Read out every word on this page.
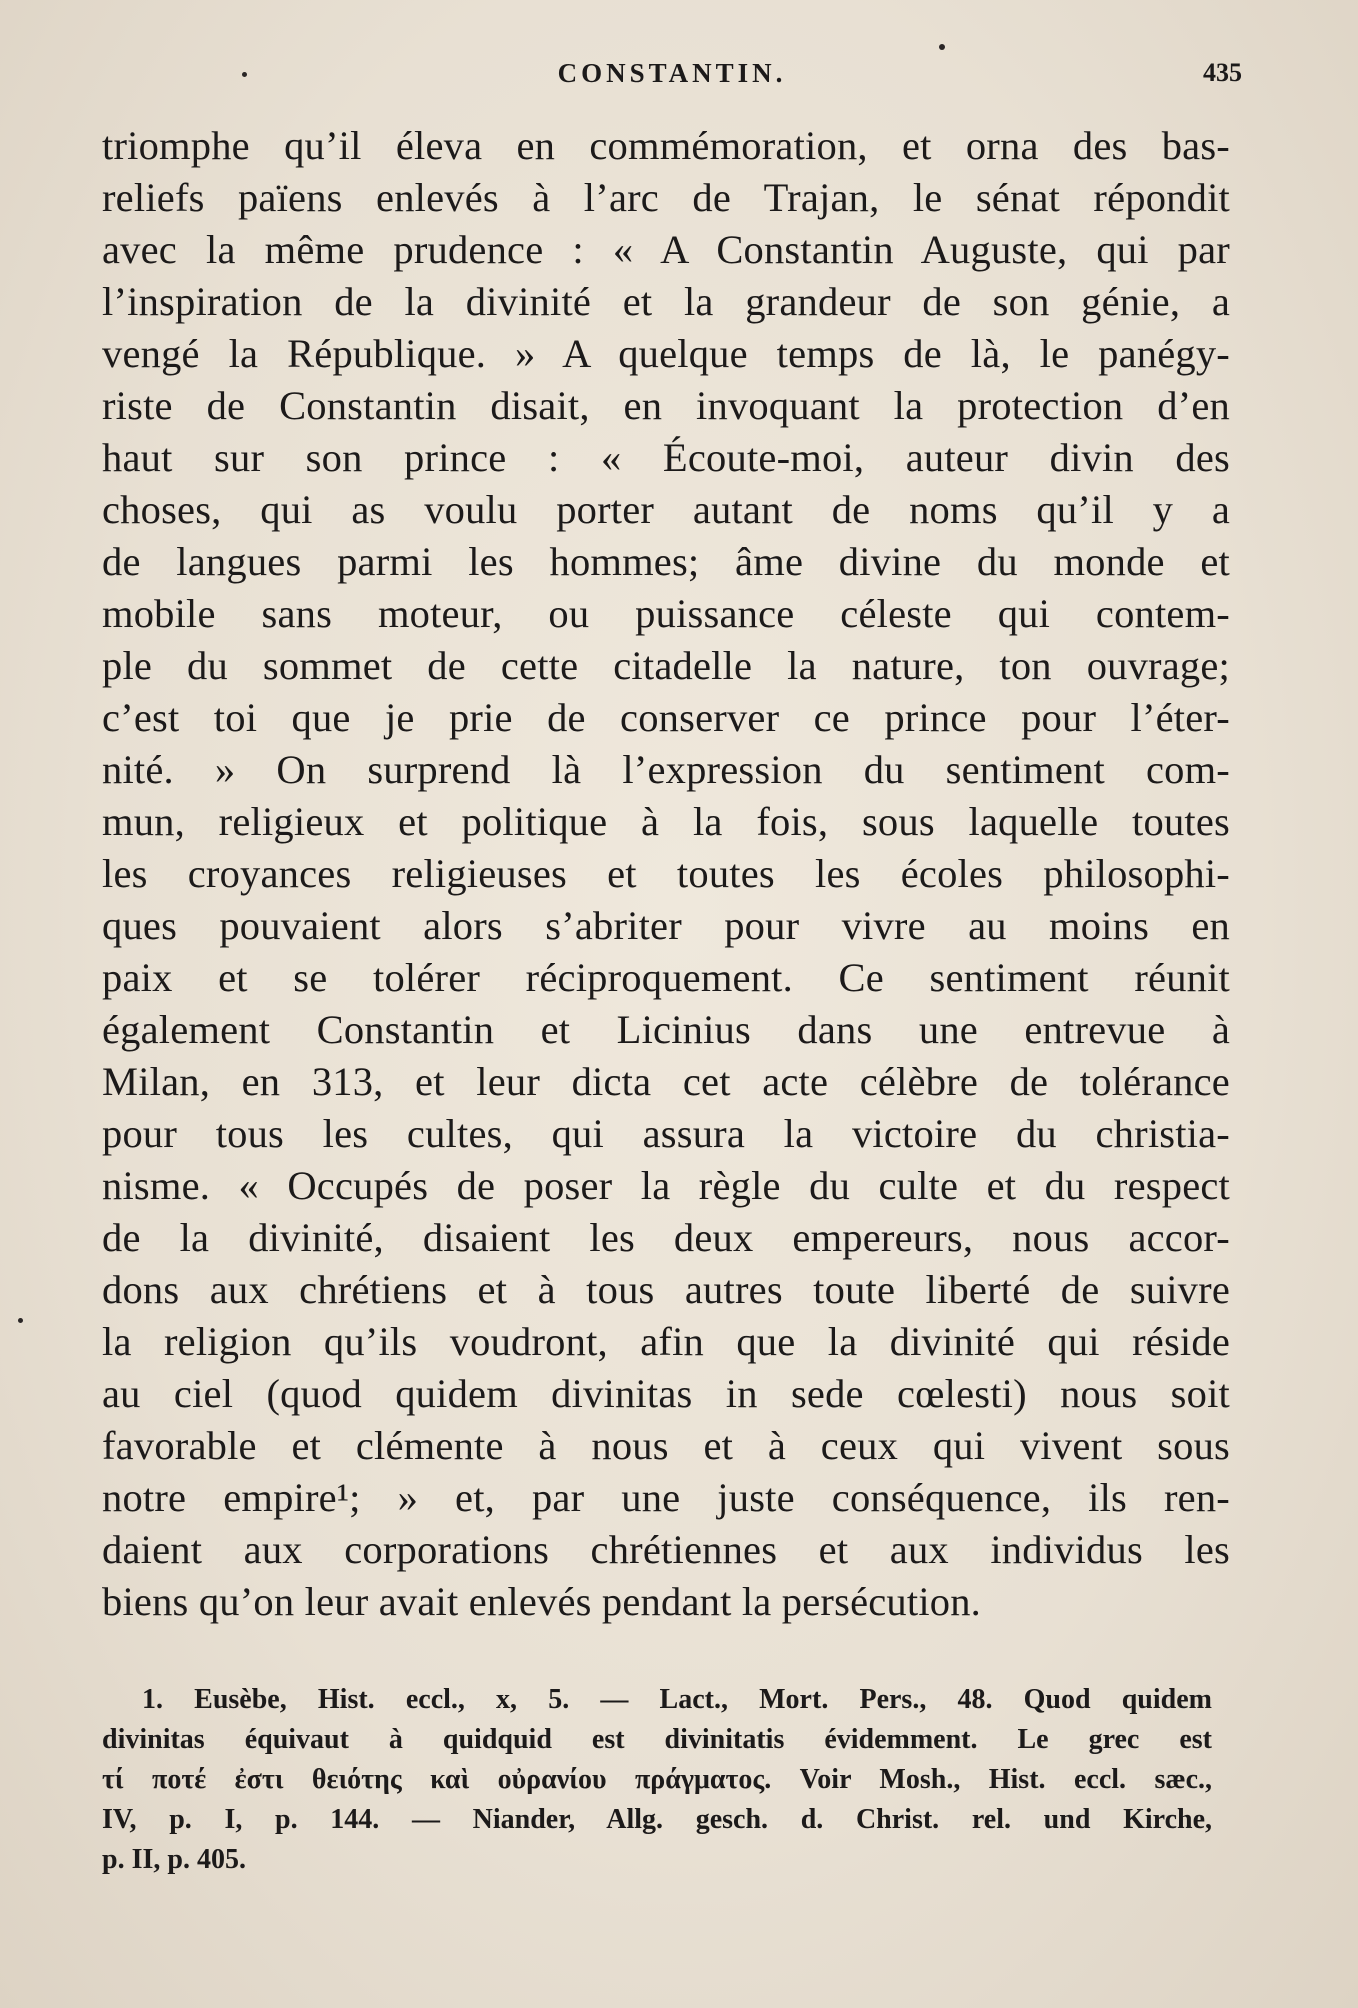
CONSTANTIN.	435
triomphe qu’il éleva en commémoration, et orna des bas-
reliefs païens enlevés à l’arc de Trajan, le sénat répondit
avec la même prudence : « A Constantin Auguste, qui par
l’inspiration de la divinité et la grandeur de son génie, a
vengé la République. » A quelque temps de là, le panégy-
riste de Constantin disait, en invoquant la protection d’en
haut sur son prince : « Écoute-moi, auteur divin des
choses, qui as voulu porter autant de noms qu’il y a
de langues parmi les hommes; âme divine du monde et
mobile sans moteur, ou puissance céleste qui contem-
ple du sommet de cette citadelle la nature, ton ouvrage;
c’est toi que je prie de conserver ce prince pour l’éter-
nité. » On surprend là l’expression du sentiment com-
mun, religieux et politique à la fois, sous laquelle toutes
les croyances religieuses et toutes les écoles philosophi-
ques pouvaient alors s’abriter pour vivre au moins en
paix et se tolérer réciproquement. Ce sentiment réunit
également Constantin et Licinius dans une entrevue à
Milan, en 313, et leur dicta cet acte célèbre de tolérance
pour tous les cultes, qui assura la victoire du christia-
nisme. « Occupés de poser la règle du culte et du respect
de la divinité, disaient les deux empereurs, nous accor-
dons aux chrétiens et à tous autres toute liberté de suivre
la religion qu’ils voudront, afin que la divinité qui réside
au ciel (quod quidem divinitas in sede cœlesti) nous soit
favorable et clémente à nous et à ceux qui vivent sous
notre empire¹; » et, par une juste conséquence, ils ren-
daient aux corporations chrétiennes et aux individus les
biens qu’on leur avait enlevés pendant la persécution.
1. Eusèbe, Hist. eccl., x, 5. — Lact., Mort. Pers., 48. Quod quidem
divinitas équivaut à quidquid est divinitatis évidemment. Le grec est
τί ποτέ ἐστι θειότης καὶ οὐρανίου πράγματος. Voir Mosh., Hist. eccl. sæc.,
IV, p. I, p. 144. — Niander, Allg. gesch. d. Christ. rel. und Kirche,
p. II, p. 405.
